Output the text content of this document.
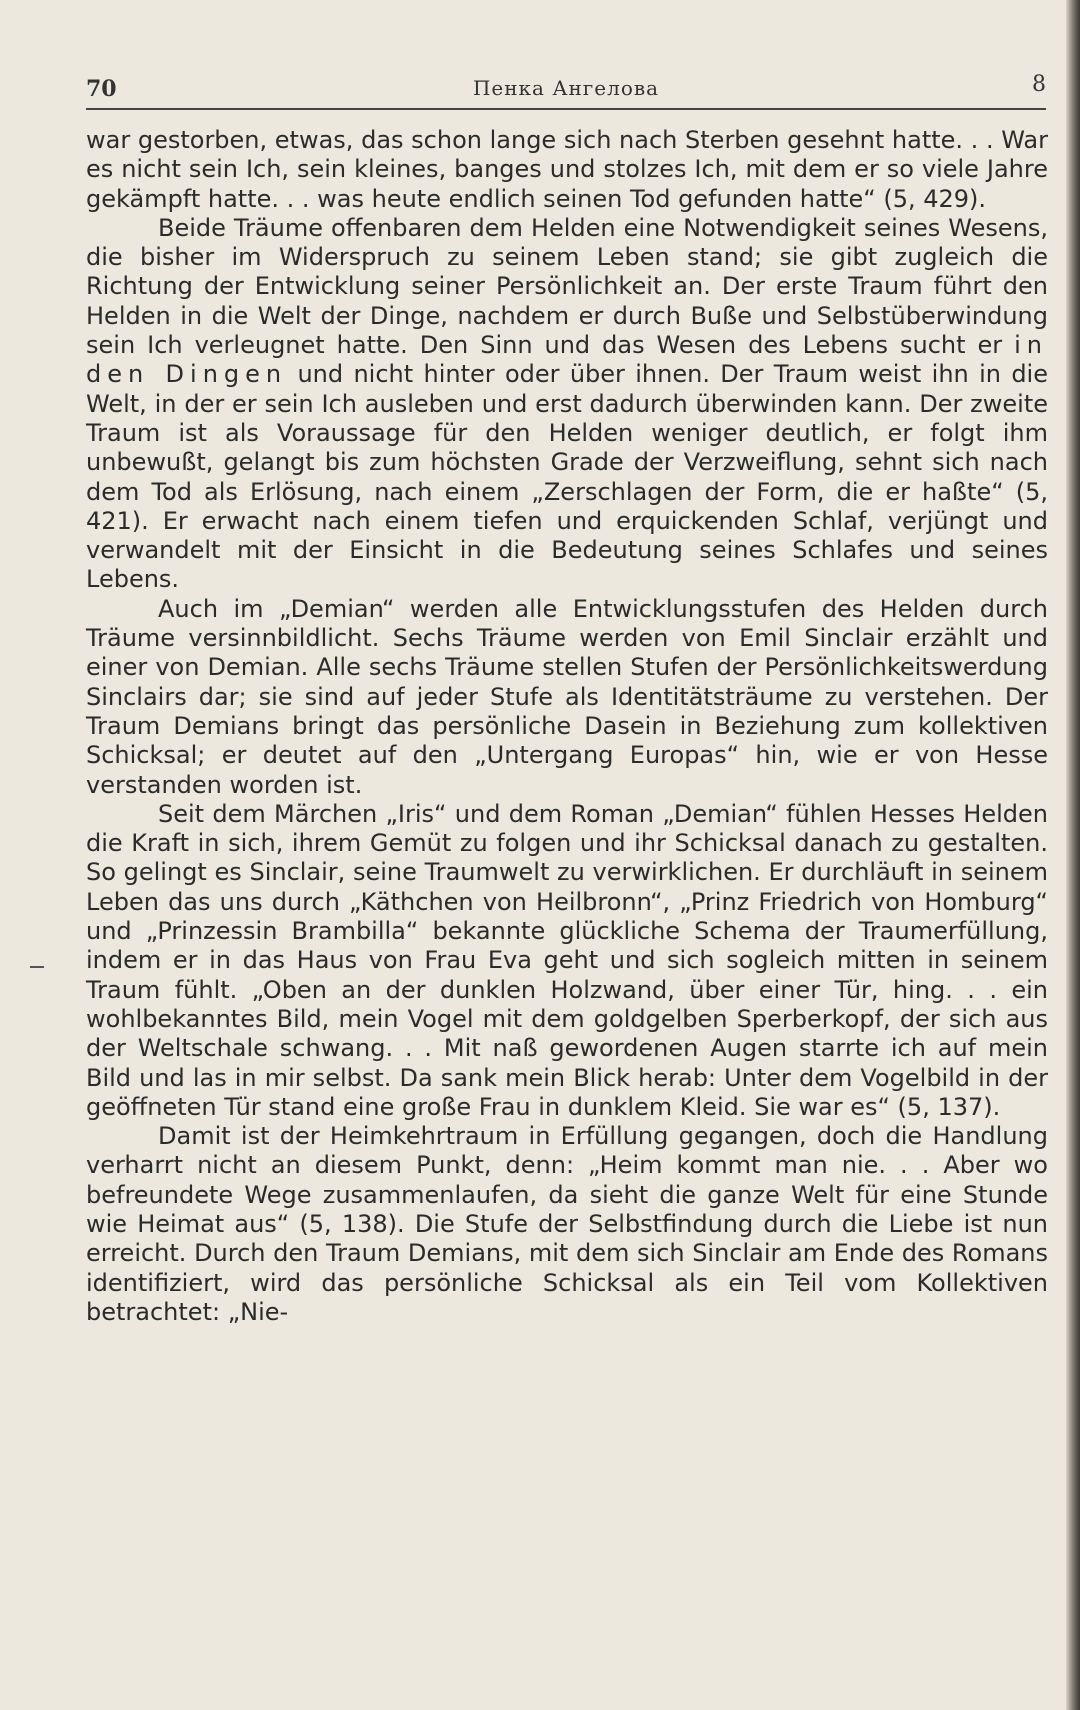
70	Пенка Ангелова	8

war gestorben, etwas, das schon lange sich nach Sterben gesehnt hatte. . . War es nicht sein Ich, sein kleines, banges und stolzes Ich, mit dem er so viele Jahre gekämpft hatte. . . was heute endlich seinen Tod gefunden hatte“ (5, 429).

Beide Träume offenbaren dem Helden eine Notwendigkeit seines Wesens, die bisher im Widerspruch zu seinem Leben stand; sie gibt zugleich die Richtung der Entwicklung seiner Persönlichkeit an. Der erste Traum führt den Helden in die Welt der Dinge, nachdem er durch Buße und Selbstüberwindung sein Ich verleugnet hatte. Den Sinn und das Wesen des Lebens sucht er in den Dingen und nicht hinter oder über ihnen. Der Traum weist ihn in die Welt, in der er sein Ich ausleben und erst dadurch überwinden kann. Der zweite Traum ist als Voraussage für den Helden weniger deutlich, er folgt ihm unbewußt, gelangt bis zum höchsten Grade der Verzweiflung, sehnt sich nach dem Tod als Erlösung, nach einem „Zerschlagen der Form, die er haßte“ (5, 421). Er erwacht nach einem tiefen und erquickenden Schlaf, verjüngt und verwandelt mit der Einsicht in die Bedeutung seines Schlafes und seines Lebens.

Auch im „Demian“ werden alle Entwicklungsstufen des Helden durch Träume versinnbildlicht. Sechs Träume werden von Emil Sinclair erzählt und einer von Demian. Alle sechs Träume stellen Stufen der Persönlichkeitswerdung Sinclairs dar; sie sind auf jeder Stufe als Identitätsträume zu verstehen. Der Traum Demians bringt das persönliche Dasein in Beziehung zum kollektiven Schicksal; er deutet auf den „Untergang Europas“ hin, wie er von Hesse verstanden worden ist.

Seit dem Märchen „Iris“ und dem Roman „Demian“ fühlen Hesses Helden die Kraft in sich, ihrem Gemüt zu folgen und ihr Schicksal danach zu gestalten. So gelingt es Sinclair, seine Traumwelt zu verwirklichen. Er durchläuft in seinem Leben das uns durch „Käthchen von Heilbronn“, „Prinz Friedrich von Homburg“ und „Prinzessin Brambilla“ bekannte glückliche Schema der Traumerfüllung, indem er in das Haus von Frau Eva geht und sich sogleich mitten in seinem Traum fühlt. „Oben an der dunklen Holzwand, über einer Tür, hing. . . ein wohlbekanntes Bild, mein Vogel mit dem goldgelben Sperberkopf, der sich aus der Weltschale schwang. . . Mit naß gewordenen Augen starrte ich auf mein Bild und las in mir selbst. Da sank mein Blick herab: Unter dem Vogelbild in der geöffneten Tür stand eine große Frau in dunklem Kleid. Sie war es“ (5, 137).

Damit ist der Heimkehrtraum in Erfüllung gegangen, doch die Handlung verharrt nicht an diesem Punkt, denn: „Heim kommt man nie. . . Aber wo befreundete Wege zusammenlaufen, da sieht die ganze Welt für eine Stunde wie Heimat aus“ (5, 138). Die Stufe der Selbstfindung durch die Liebe ist nun erreicht. Durch den Traum Demians, mit dem sich Sinclair am Ende des Romans identifiziert, wird das persönliche Schicksal als ein Teil vom Kollektiven betrachtet: „Nie-
